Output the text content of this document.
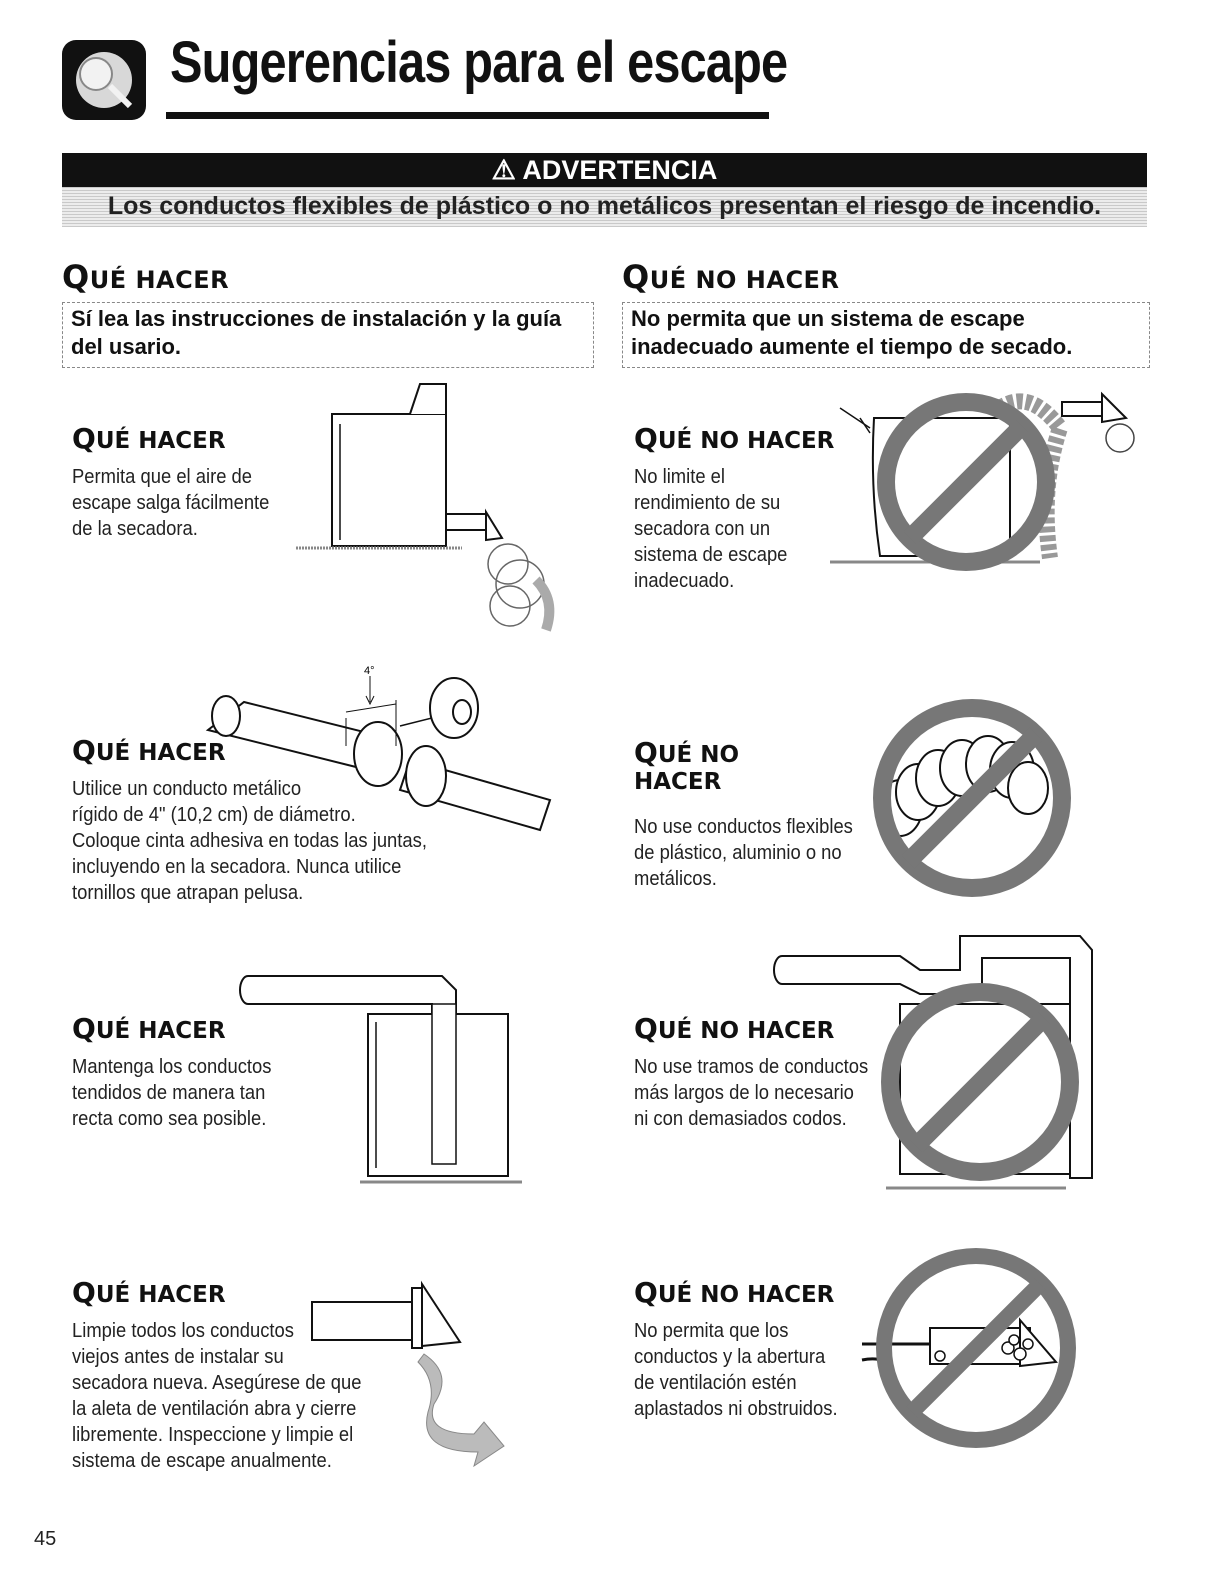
Sugerencias para el escape
⚠ ADVERTENCIA
Los conductos flexibles de plástico o no metálicos presentan el riesgo de incendio.
QUÉ HACER
Sí lea las instrucciones de instalación y la guía del usario.
QUÉ NO HACER
No permita que un sistema de escape inadecuado aumente el tiempo de secado.
QUÉ HACER
Permita que el aire de
escape salga fácilmente
de la secadora.
QUÉ NO HACER
No limite el
rendimiento de su
secadora con un
sistema de escape
inadecuado.
QUÉ HACER
Utilice un conducto metálico
rígido de 4" (10,2 cm) de diámetro.
Coloque cinta adhesiva en todas las juntas,
incluyendo en la secadora. Nunca utilice
tornillos que atrapan pelusa.
4°
QUÉ NO
HACER
No use conductos flexibles
de plástico, aluminio o no
metálicos.
QUÉ HACER
Mantenga los conductos
tendidos de manera tan
recta como sea posible.
QUÉ NO HACER
No use tramos de conductos
más largos de lo necesario
ni con demasiados codos.
QUÉ HACER
Limpie todos los conductos
viejos antes de instalar su
secadora nueva. Asegúrese de que
la aleta de ventilación abra y cierre
libremente. Inspeccione y limpie el
sistema de escape anualmente.
QUÉ NO HACER
No permita que los
conductos y la abertura
de ventilación estén
aplastados ni obstruidos.
45
